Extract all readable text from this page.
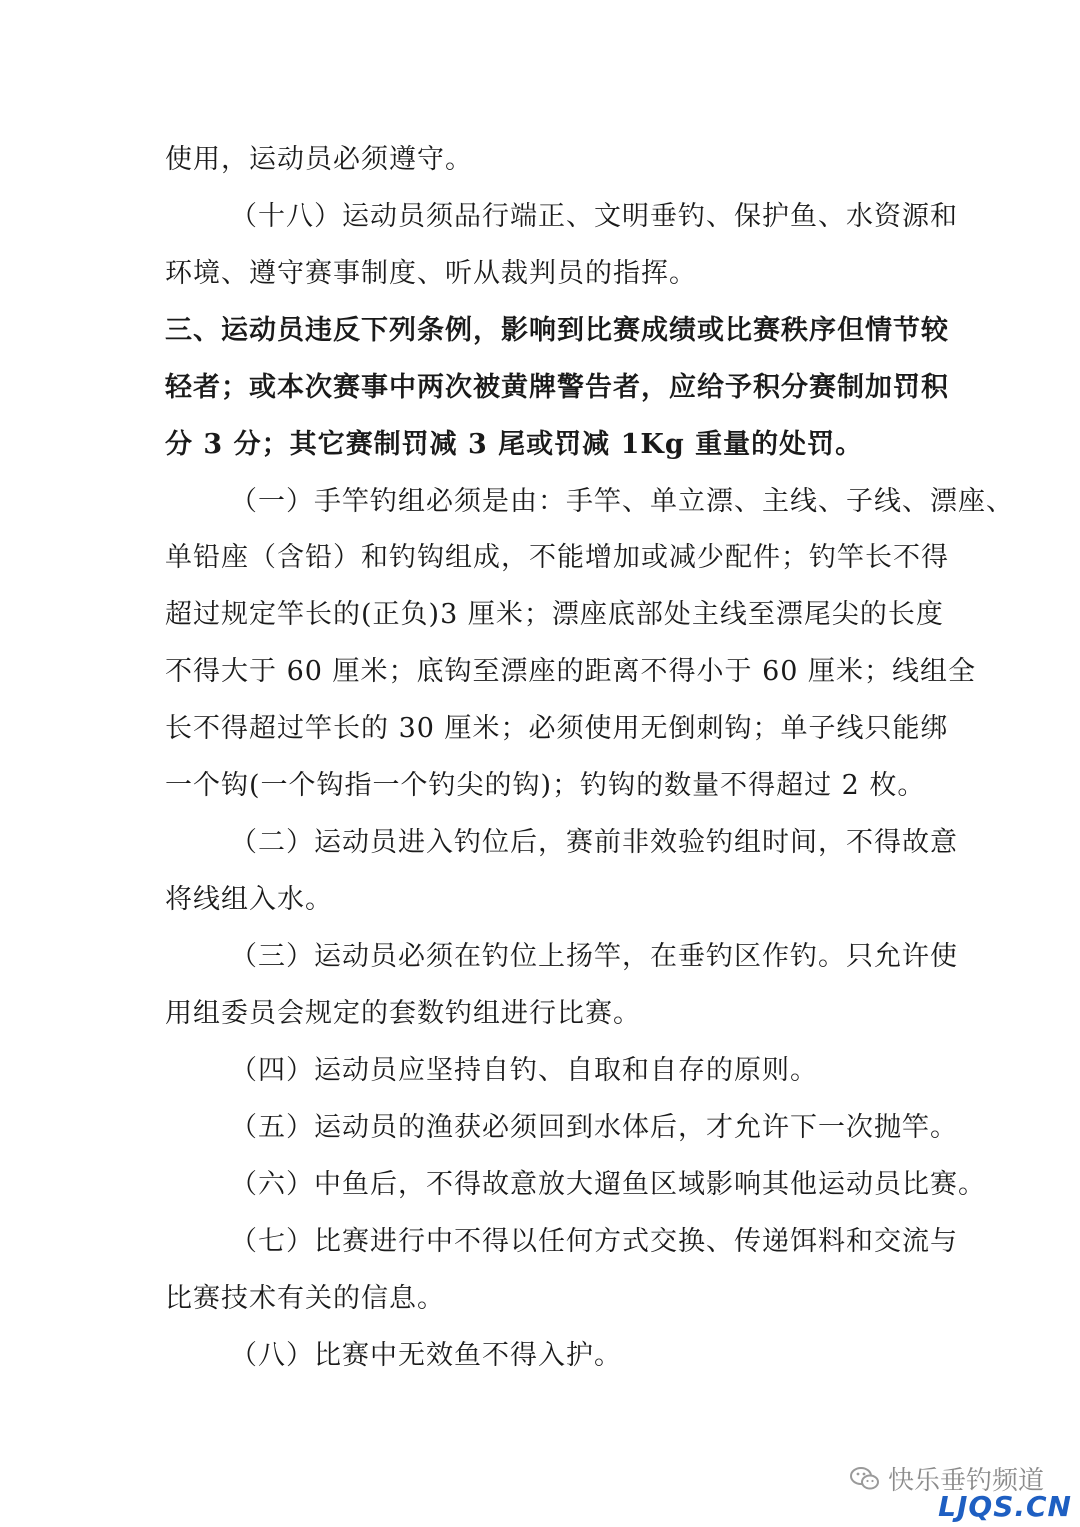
使用，运动员必须遵守。
（十八）运动员须品行端正、文明垂钓、保护鱼、水资源和
环境、遵守赛事制度、听从裁判员的指挥。
三、运动员违反下列条例，影响到比赛成绩或比赛秩序但情节较
轻者；或本次赛事中两次被黄牌警告者，应给予积分赛制加罚积
分 3 分；其它赛制罚减 3 尾或罚减 1Kg 重量的处罚。
（一）手竿钓组必须是由：手竿、单立漂、主线、子线、漂座、
单铅座（含铅）和钓钩组成，不能增加或减少配件；钓竿长不得
超过规定竿长的(正负)3 厘米；漂座底部处主线至漂尾尖的长度
不得大于 60 厘米；底钩至漂座的距离不得小于 60 厘米；线组全
长不得超过竿长的 30 厘米；必须使用无倒刺钩；单子线只能绑
一个钩(一个钩指一个钓尖的钩)；钓钩的数量不得超过 2 枚。
（二）运动员进入钓位后，赛前非效验钓组时间，不得故意
将线组入水。
（三）运动员必须在钓位上扬竿，在垂钓区作钓。只允许使
用组委员会规定的套数钓组进行比赛。
（四）运动员应坚持自钓、自取和自存的原则。
（五）运动员的渔获必须回到水体后，才允许下一次抛竿。
（六）中鱼后，不得故意放大遛鱼区域影响其他运动员比赛。
（七）比赛进行中不得以任何方式交换、传递饵料和交流与
比赛技术有关的信息。
（八）比赛中无效鱼不得入护。
快乐垂钓频道
LJQS.CN
